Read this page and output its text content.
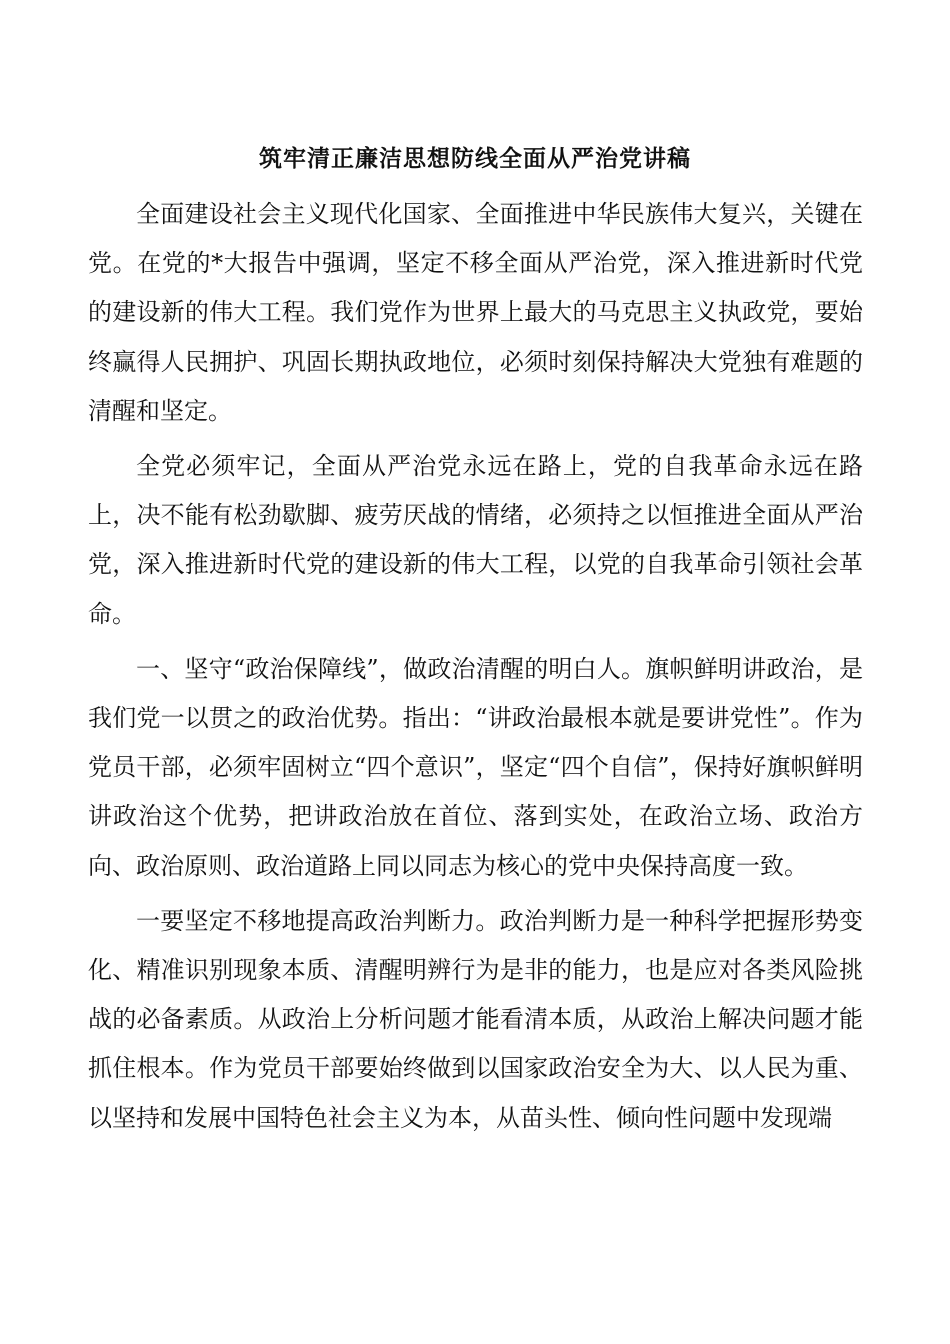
筑牢清正廉洁思想防线全面从严治党讲稿

全面建设社会主义现代化国家、全面推进中华民族伟大复兴，关键在党。在党的*大报告中强调，坚定不移全面从严治党，深入推进新时代党的建设新的伟大工程。我们党作为世界上最大的马克思主义执政党，要始终赢得人民拥护、巩固长期执政地位，必须时刻保持解决大党独有难题的清醒和坚定。

全党必须牢记，全面从严治党永远在路上，党的自我革命永远在路上，决不能有松劲歇脚、疲劳厌战的情绪，必须持之以恒推进全面从严治党，深入推进新时代党的建设新的伟大工程，以党的自我革命引领社会革命。

一、坚守“政治保障线”，做政治清醒的明白人。旗帜鲜明讲政治，是我们党一以贯之的政治优势。指出：“讲政治最根本就是要讲党性”。作为党员干部，必须牢固树立“四个意识”，坚定“四个自信”，保持好旗帜鲜明讲政治这个优势，把讲政治放在首位、落到实处，在政治立场、政治方向、政治原则、政治道路上同以同志为核心的党中央保持高度一致。

一要坚定不移地提高政治判断力。政治判断力是一种科学把握形势变化、精准识别现象本质、清醒明辨行为是非的能力，也是应对各类风险挑战的必备素质。从政治上分析问题才能看清本质，从政治上解决问题才能抓住根本。作为党员干部要始终做到以国家政治安全为大、以人民为重、以坚持和发展中国特色社会主义为本，从苗头性、倾向性问题中发现端
